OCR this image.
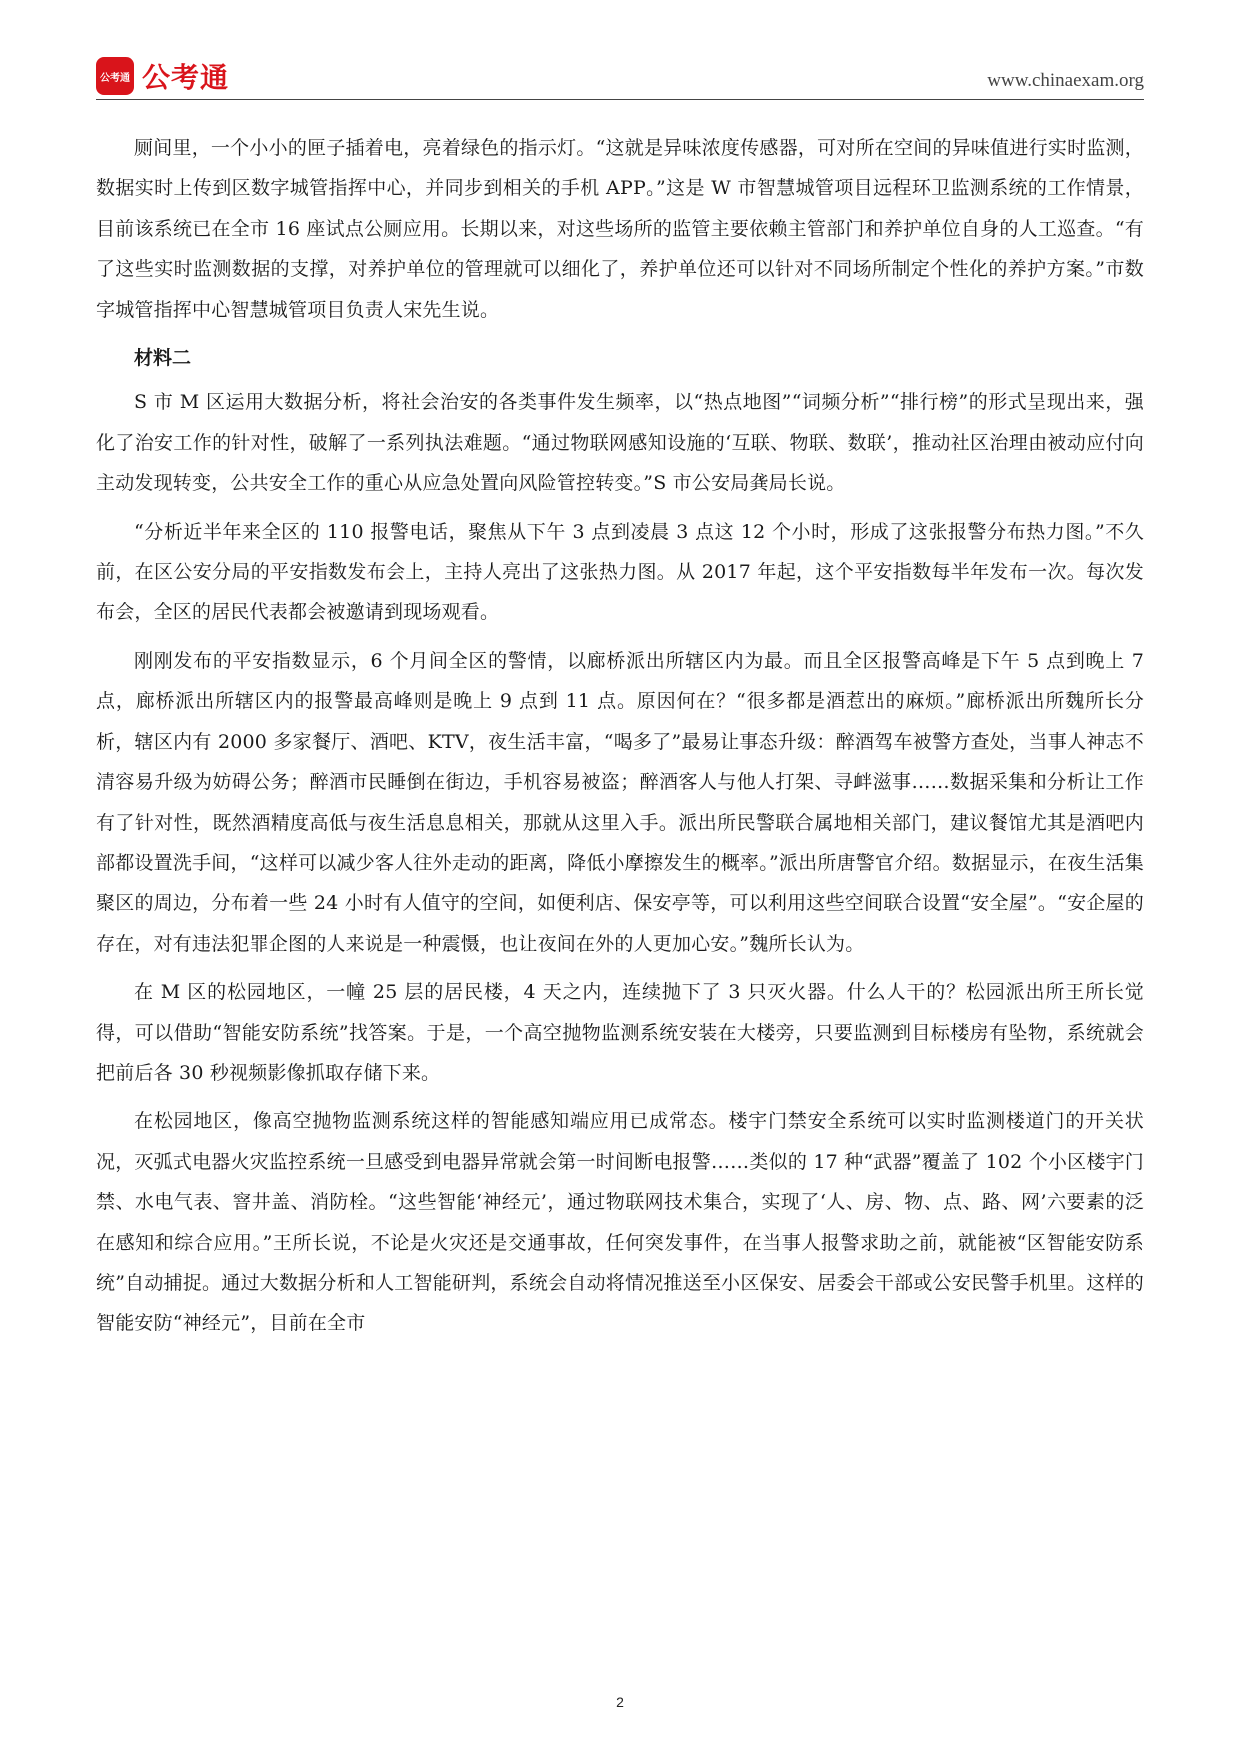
公考通 公考通	www.chinaexam.org

厕间里，一个小小的匣子插着电，亮着绿色的指示灯。“这就是异味浓度传感器，可对所在空间的异味值进行实时监测，数据实时上传到区数字城管指挥中心，并同步到相关的手机 APP。”这是 W 市智慧城管项目远程环卫监测系统的工作情景，目前该系统已在全市 16 座试点公厕应用。长期以来，对这些场所的监管主要依赖主管部门和养护单位自身的人工巡查。“有了这些实时监测数据的支撑，对养护单位的管理就可以细化了，养护单位还可以针对不同场所制定个性化的养护方案。”市数字城管指挥中心智慧城管项目负责人宋先生说。

材料二

S 市 M 区运用大数据分析，将社会治安的各类事件发生频率，以“热点地图”“词频分析”“排行榜”的形式呈现出来，强化了治安工作的针对性，破解了一系列执法难题。“通过物联网感知设施的‘互联、物联、数联’，推动社区治理由被动应付向主动发现转变，公共安全工作的重心从应急处置向风险管控转变。”S 市公安局龚局长说。

“分析近半年来全区的 110 报警电话，聚焦从下午 3 点到凌晨 3 点这 12 个小时，形成了这张报警分布热力图。”不久前，在区公安分局的平安指数发布会上，主持人亮出了这张热力图。从 2017 年起，这个平安指数每半年发布一次。每次发布会，全区的居民代表都会被邀请到现场观看。

刚刚发布的平安指数显示，6 个月间全区的警情，以廊桥派出所辖区内为最。而且全区报警高峰是下午 5 点到晚上 7 点，廊桥派出所辖区内的报警最高峰则是晚上 9 点到 11 点。原因何在？“很多都是酒惹出的麻烦。”廊桥派出所魏所长分析，辖区内有 2000 多家餐厅、酒吧、KTV，夜生活丰富，“喝多了”最易让事态升级：醉酒驾车被警方查处，当事人神志不清容易升级为妨碍公务；醉酒市民睡倒在街边，手机容易被盗；醉酒客人与他人打架、寻衅滋事……数据采集和分析让工作有了针对性，既然酒精度高低与夜生活息息相关，那就从这里入手。派出所民警联合属地相关部门，建议餐馆尤其是酒吧内部都设置洗手间，“这样可以减少客人往外走动的距离，降低小摩擦发生的概率。”派出所唐警官介绍。数据显示，在夜生活集聚区的周边，分布着一些 24 小时有人值守的空间，如便利店、保安亭等，可以利用这些空间联合设置“安全屋”。“安企屋的存在，对有违法犯罪企图的人来说是一种震慑，也让夜间在外的人更加心安。”魏所长认为。

在 M 区的松园地区，一幢 25 层的居民楼，4 天之内，连续抛下了 3 只灭火器。什么人干的？松园派出所王所长觉得，可以借助“智能安防系统”找答案。于是，一个高空抛物监测系统安装在大楼旁，只要监测到目标楼房有坠物，系统就会把前后各 30 秒视频影像抓取存储下来。

在松园地区，像高空抛物监测系统这样的智能感知端应用已成常态。楼宇门禁安全系统可以实时监测楼道门的开关状况，灭弧式电器火灾监控系统一旦感受到电器异常就会第一时间断电报警……类似的 17 种“武器”覆盖了 102 个小区楼宇门禁、水电气表、窨井盖、消防栓。“这些智能‘神经元’，通过物联网技术集合，实现了‘人、房、物、点、路、网’六要素的泛在感知和综合应用。”王所长说，不论是火灾还是交通事故，任何突发事件，在当事人报警求助之前，就能被“区智能安防系统”自动捕捉。通过大数据分析和人工智能研判，系统会自动将情况推送至小区保安、居委会干部或公安民警手机里。这样的智能安防“神经元”，目前在全市

2
